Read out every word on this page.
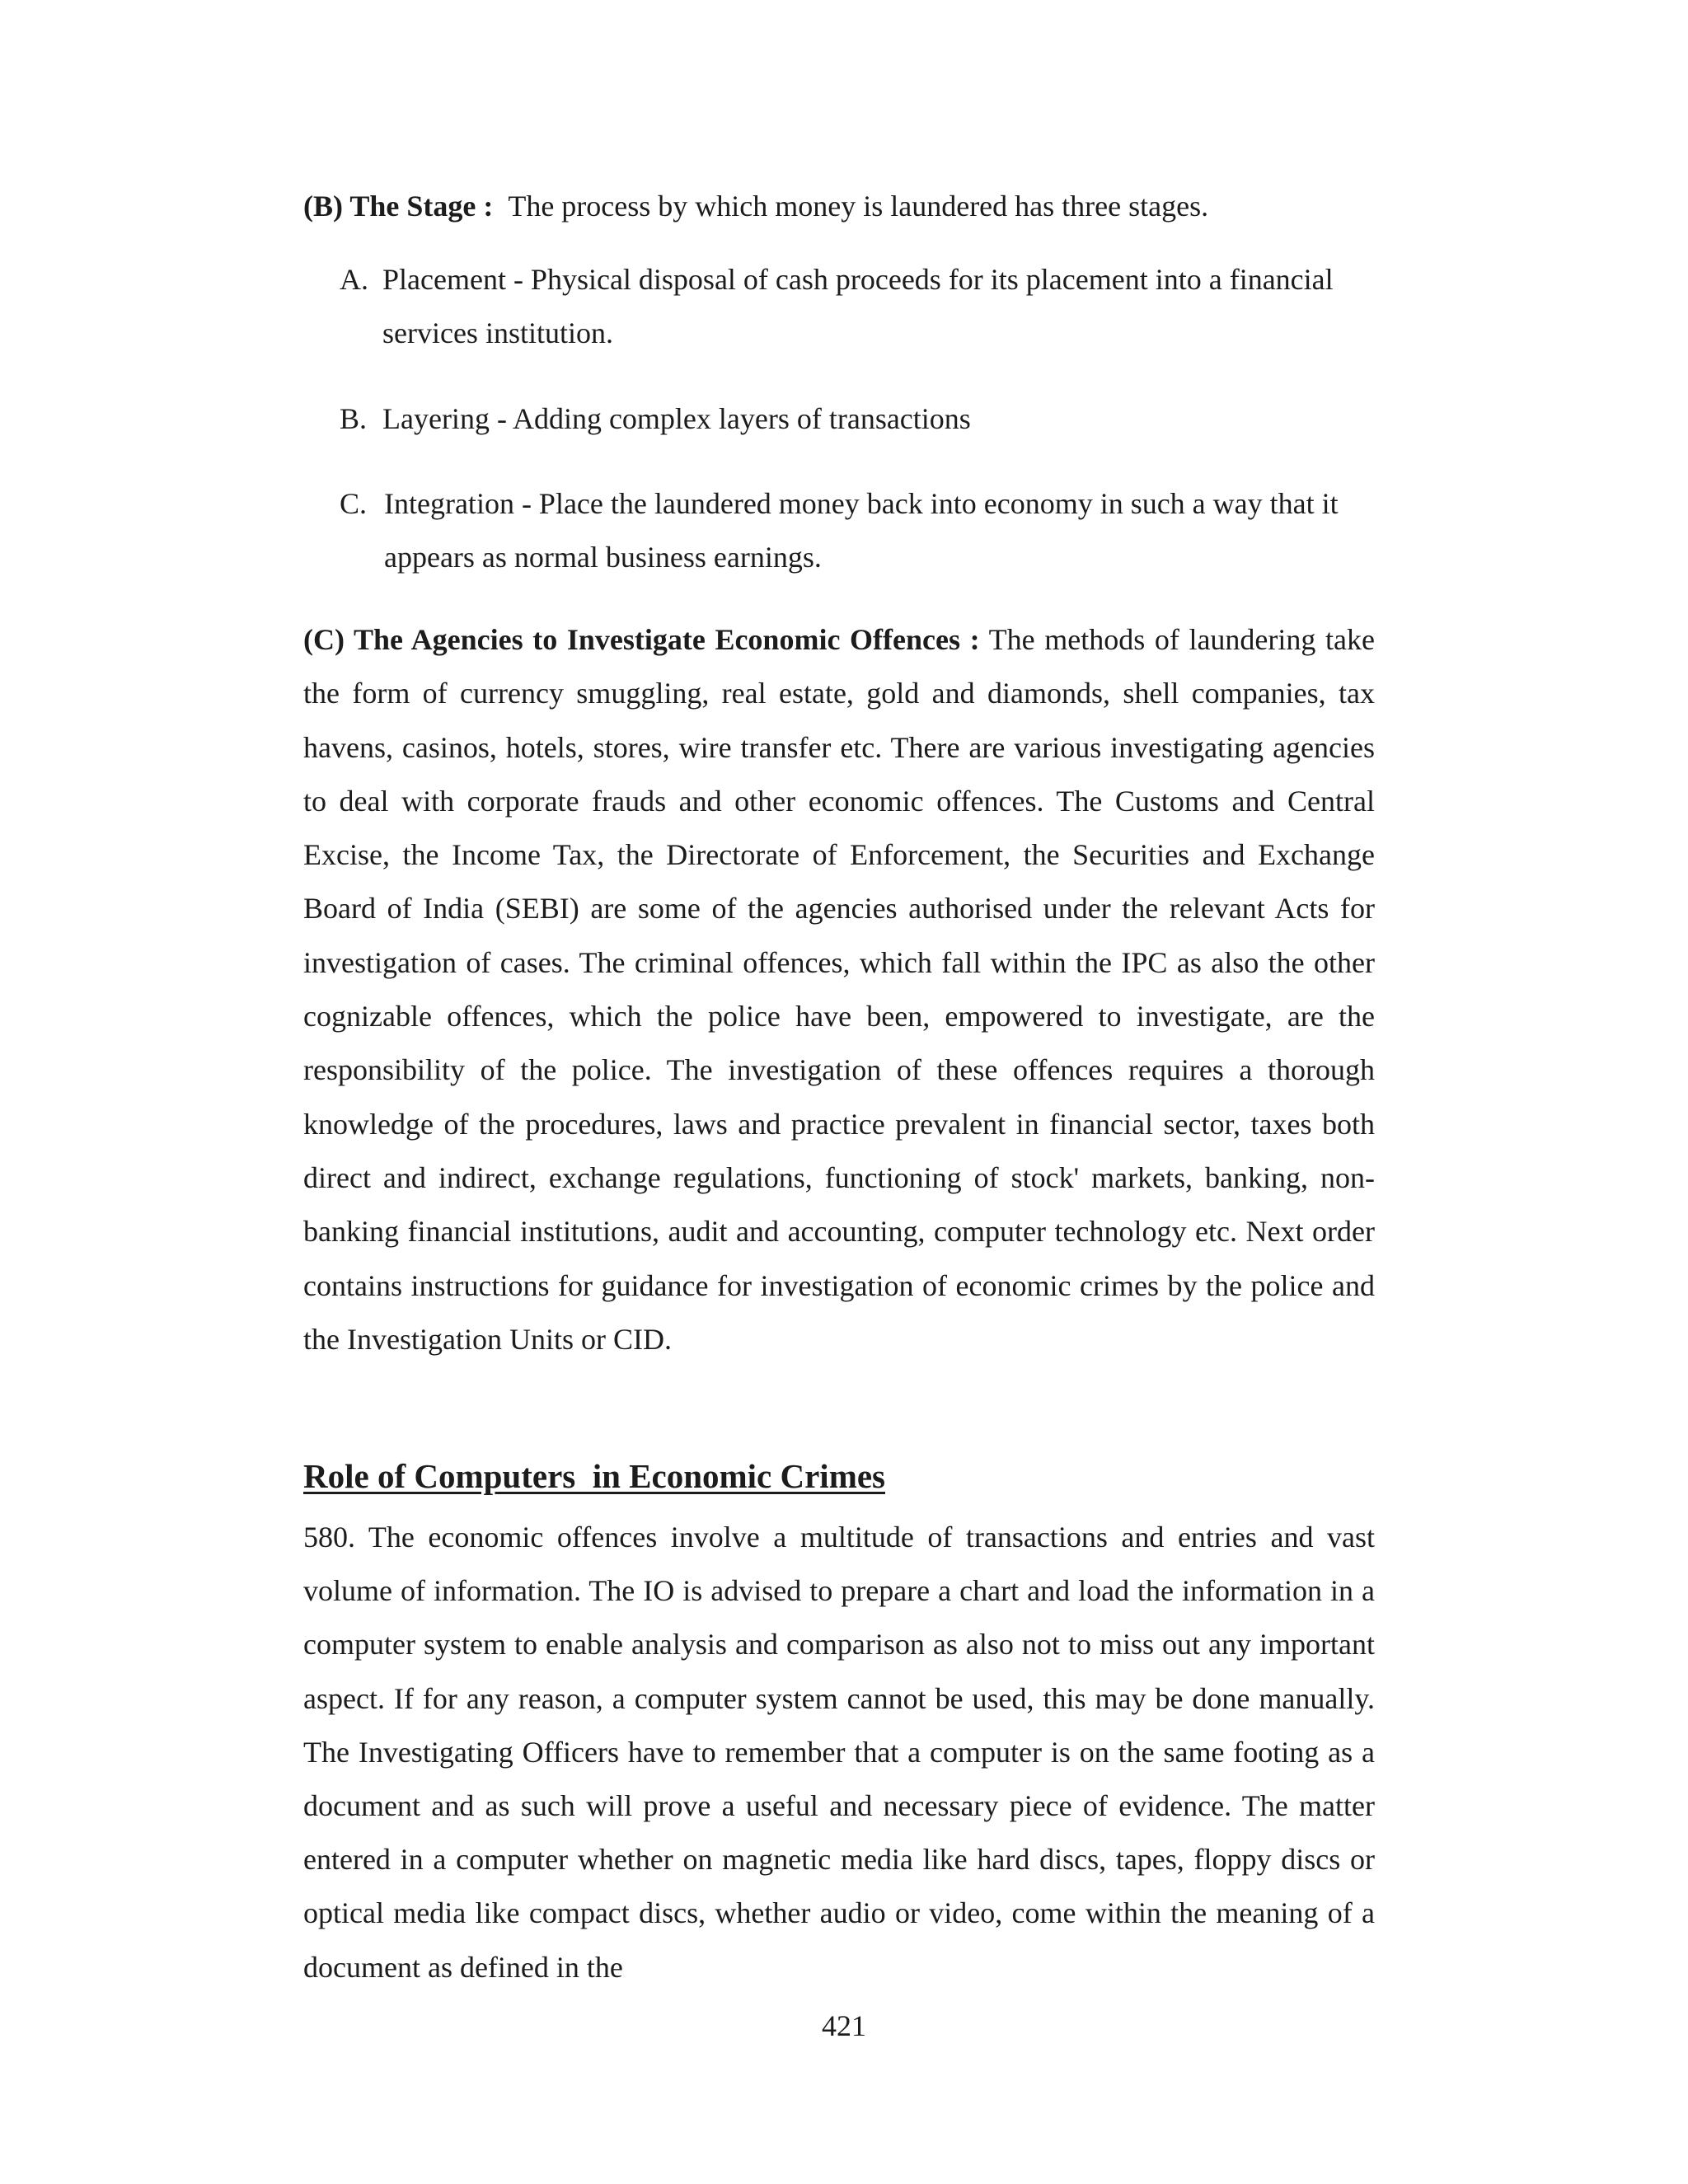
(B) The Stage : The process by which money is laundered has three stages.

A. Placement - Physical disposal of cash proceeds for its placement into a financial services institution.
B. Layering - Adding complex layers of transactions
C. Integration - Place the laundered money back into economy in such a way that it appears as normal business earnings.

(C) The Agencies to Investigate Economic Offences : The methods of laundering take the form of currency smuggling, real estate, gold and diamonds, shell companies, tax havens, casinos, hotels, stores, wire transfer etc. There are various investigating agencies to deal with corporate frauds and other economic offences. The Customs and Central Excise, the Income Tax, the Directorate of Enforcement, the Securities and Exchange Board of India (SEBI) are some of the agencies authorised under the relevant Acts for investigation of cases. The criminal offences, which fall within the IPC as also the other cognizable offences, which the police have been, empowered to investigate, are the responsibility of the police. The investigation of these offences requires a thorough knowledge of the procedures, laws and practice prevalent in financial sector, taxes both direct and indirect, exchange regulations, functioning of stock' markets, banking, non-banking financial institutions, audit and accounting, computer technology etc. Next order contains instructions for guidance for investigation of economic crimes by the police and the Investigation Units or CID.

Role of Computers  in Economic Crimes

580. The economic offences involve a multitude of transactions and entries and vast volume of information. The IO is advised to prepare a chart and load the information in a computer system to enable analysis and comparison as also not to miss out any important aspect. If for any reason, a computer system cannot be used, this may be done manually. The Investigating Officers have to remember that a computer is on the same footing as a document and as such will prove a useful and necessary piece of evidence. The matter entered in a computer whether on magnetic media like hard discs, tapes, floppy discs or optical media like compact discs, whether audio or video, come within the meaning of a document as defined in the

421
